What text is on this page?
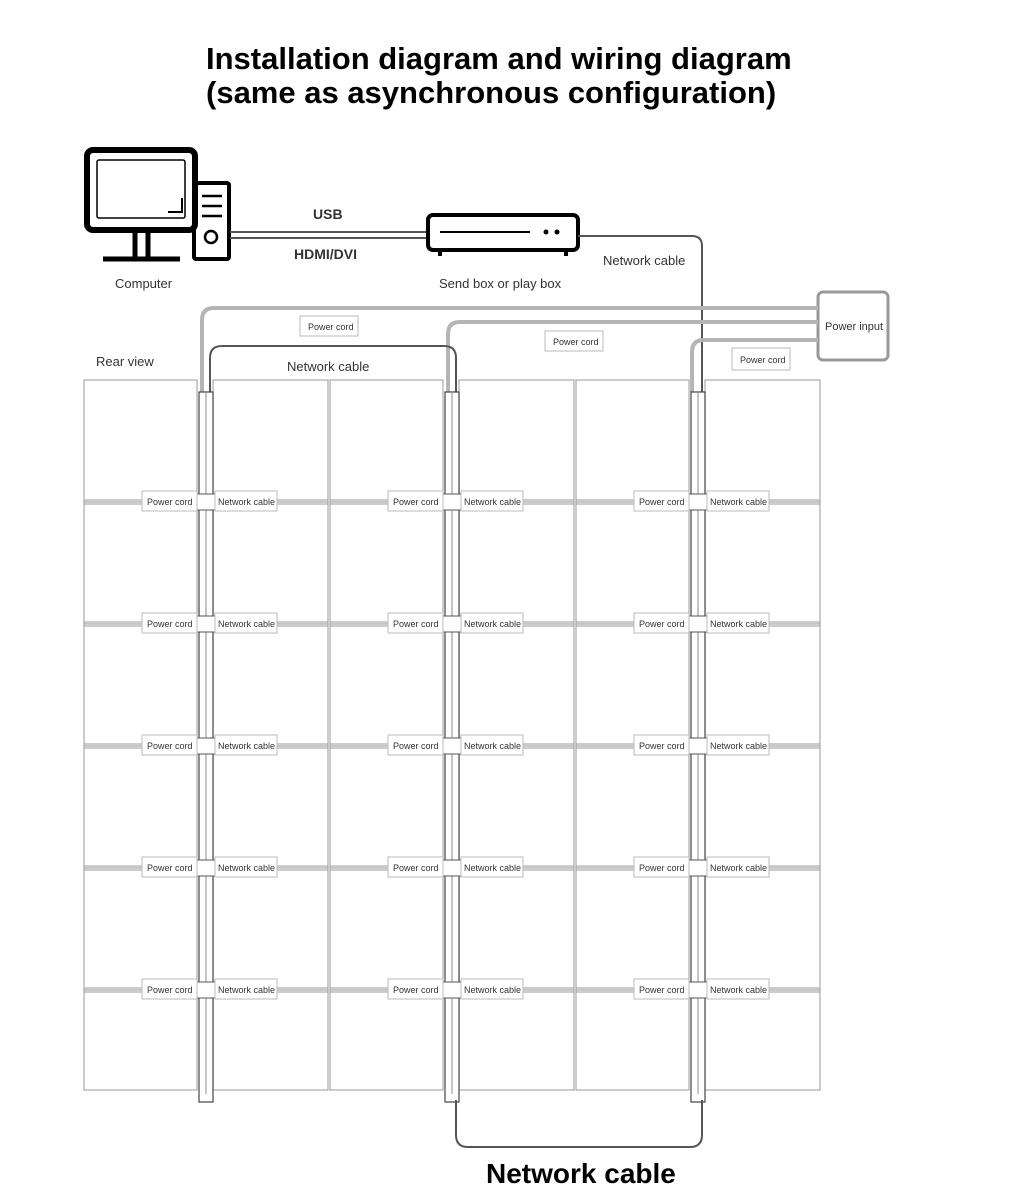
Installation diagram and wiring diagram
(same as asynchronous configuration)
Computer
USB
HDMI/DVI
Send box or play box
Network cable
Power input
Power cord
Power cord
Power cord
Network cable
Rear view
Power cord	Network cable
Power cord	Network cable
Power cord	Network cable
Power cord	Network cable
Power cord	Network cable
Power cord	Network cable
Power cord	Network cable
Power cord	Network cable
Power cord	Network cable
Power cord	Network cable
Power cord	Network cable
Power cord	Network cable
Power cord	Network cable
Power cord	Network cable
Power cord	Network cable
Network cable
